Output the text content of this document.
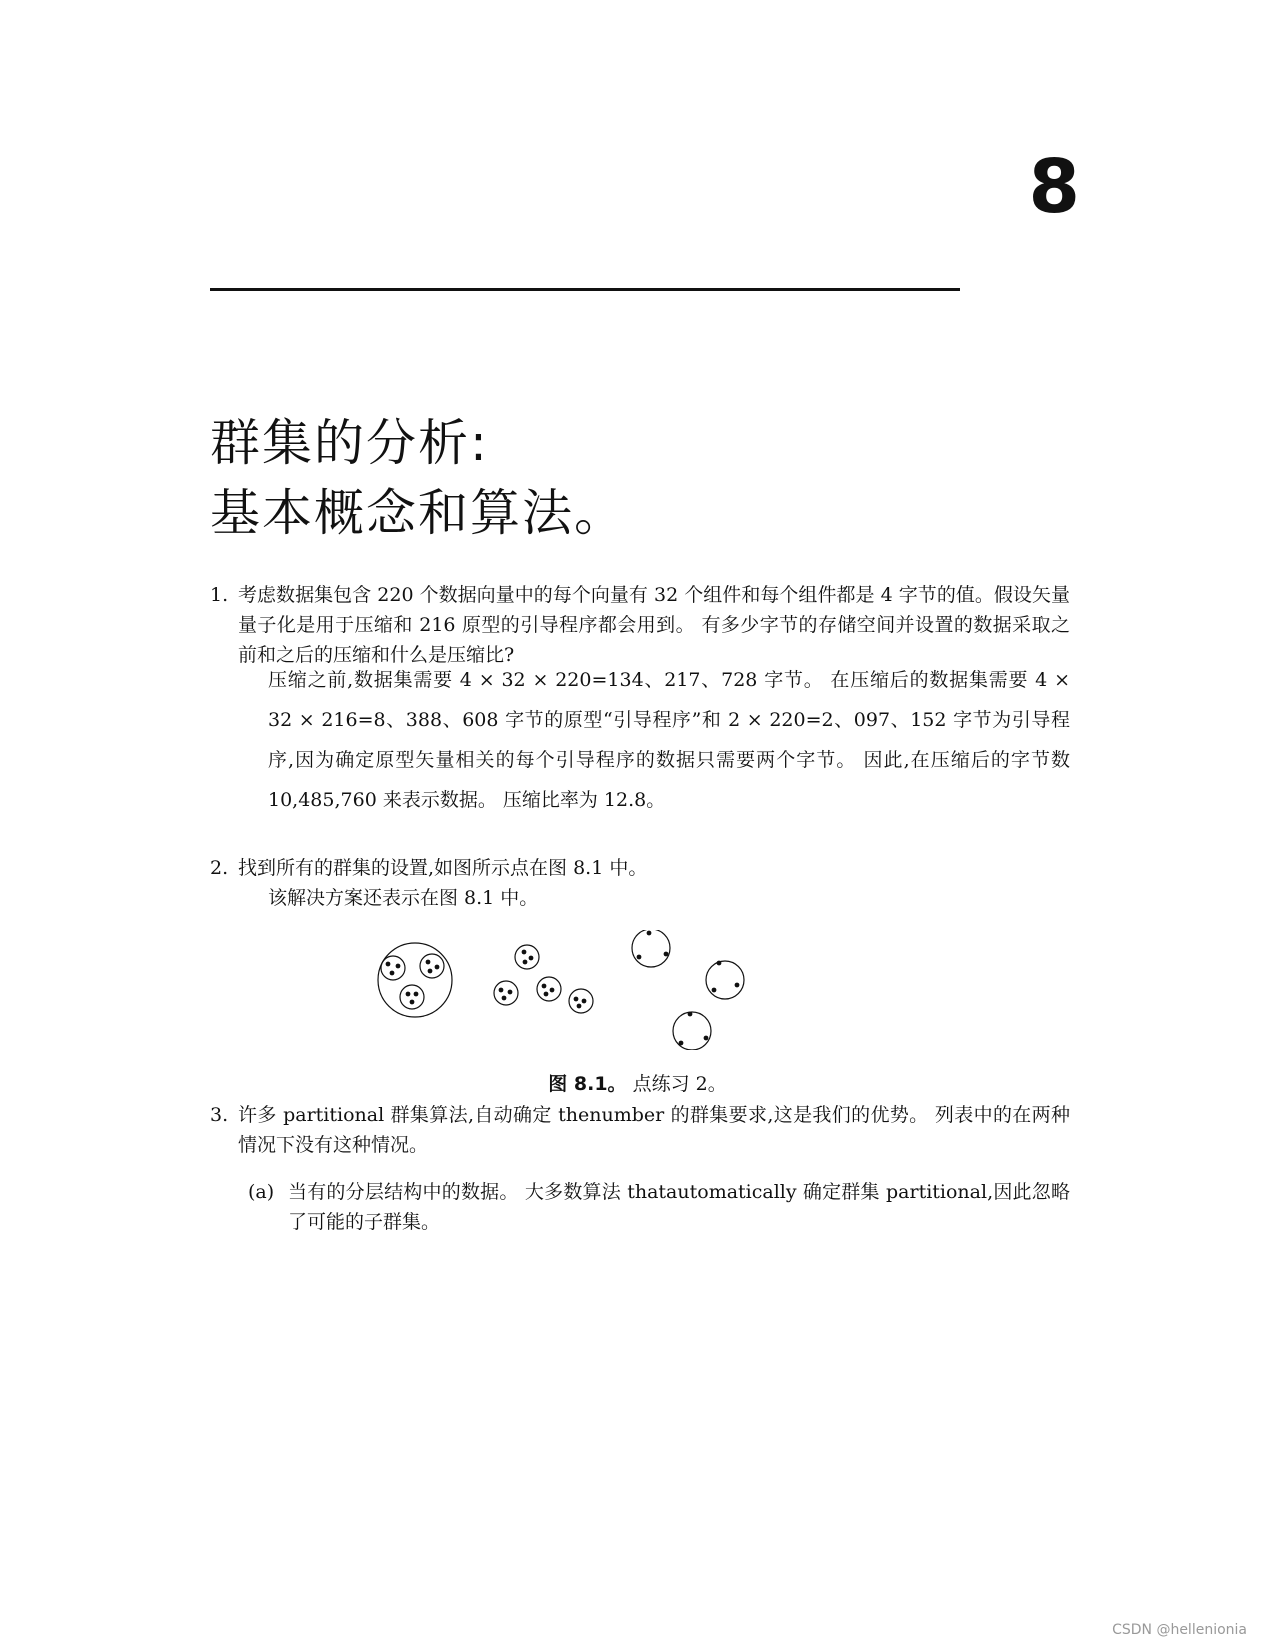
8
群集的分析:
基本概念和算法。
1. 考虑数据集包含 220 个数据向量中的每个向量有 32 个组件和每个组件都是 4 字节的值。假设矢量量子化是用于压缩和 216 原型的引导程序都会用到。 有多少字节的存储空间并设置的数据采取之前和之后的压缩和什么是压缩比?
压缩之前,数据集需要 4 × 32 × 220=134、217、728 字节。 在压缩后的数据集需要 4 × 32 × 216=8、388、608 字节的原型“引导程序”和 2 × 220=2、097、152 字节为引导程序,因为确定原型矢量相关的每个引导程序的数据只需要两个字节。 因此,在压缩后的字节数 10,485,760 来表示数据。 压缩比率为 12.8。
2. 找到所有的群集的设置,如图所示点在图 8.1 中。
该解决方案还表示在图 8.1 中。
图 8.1。 点练习 2。
3. 许多 partitional 群集算法,自动确定 thenumber 的群集要求,这是我们的优势。 列表中的在两种情况下没有这种情况。
(a) 当有的分层结构中的数据。 大多数算法 thatautomatically 确定群集 partitional,因此忽略了可能的子群集。
CSDN @hellenionia
